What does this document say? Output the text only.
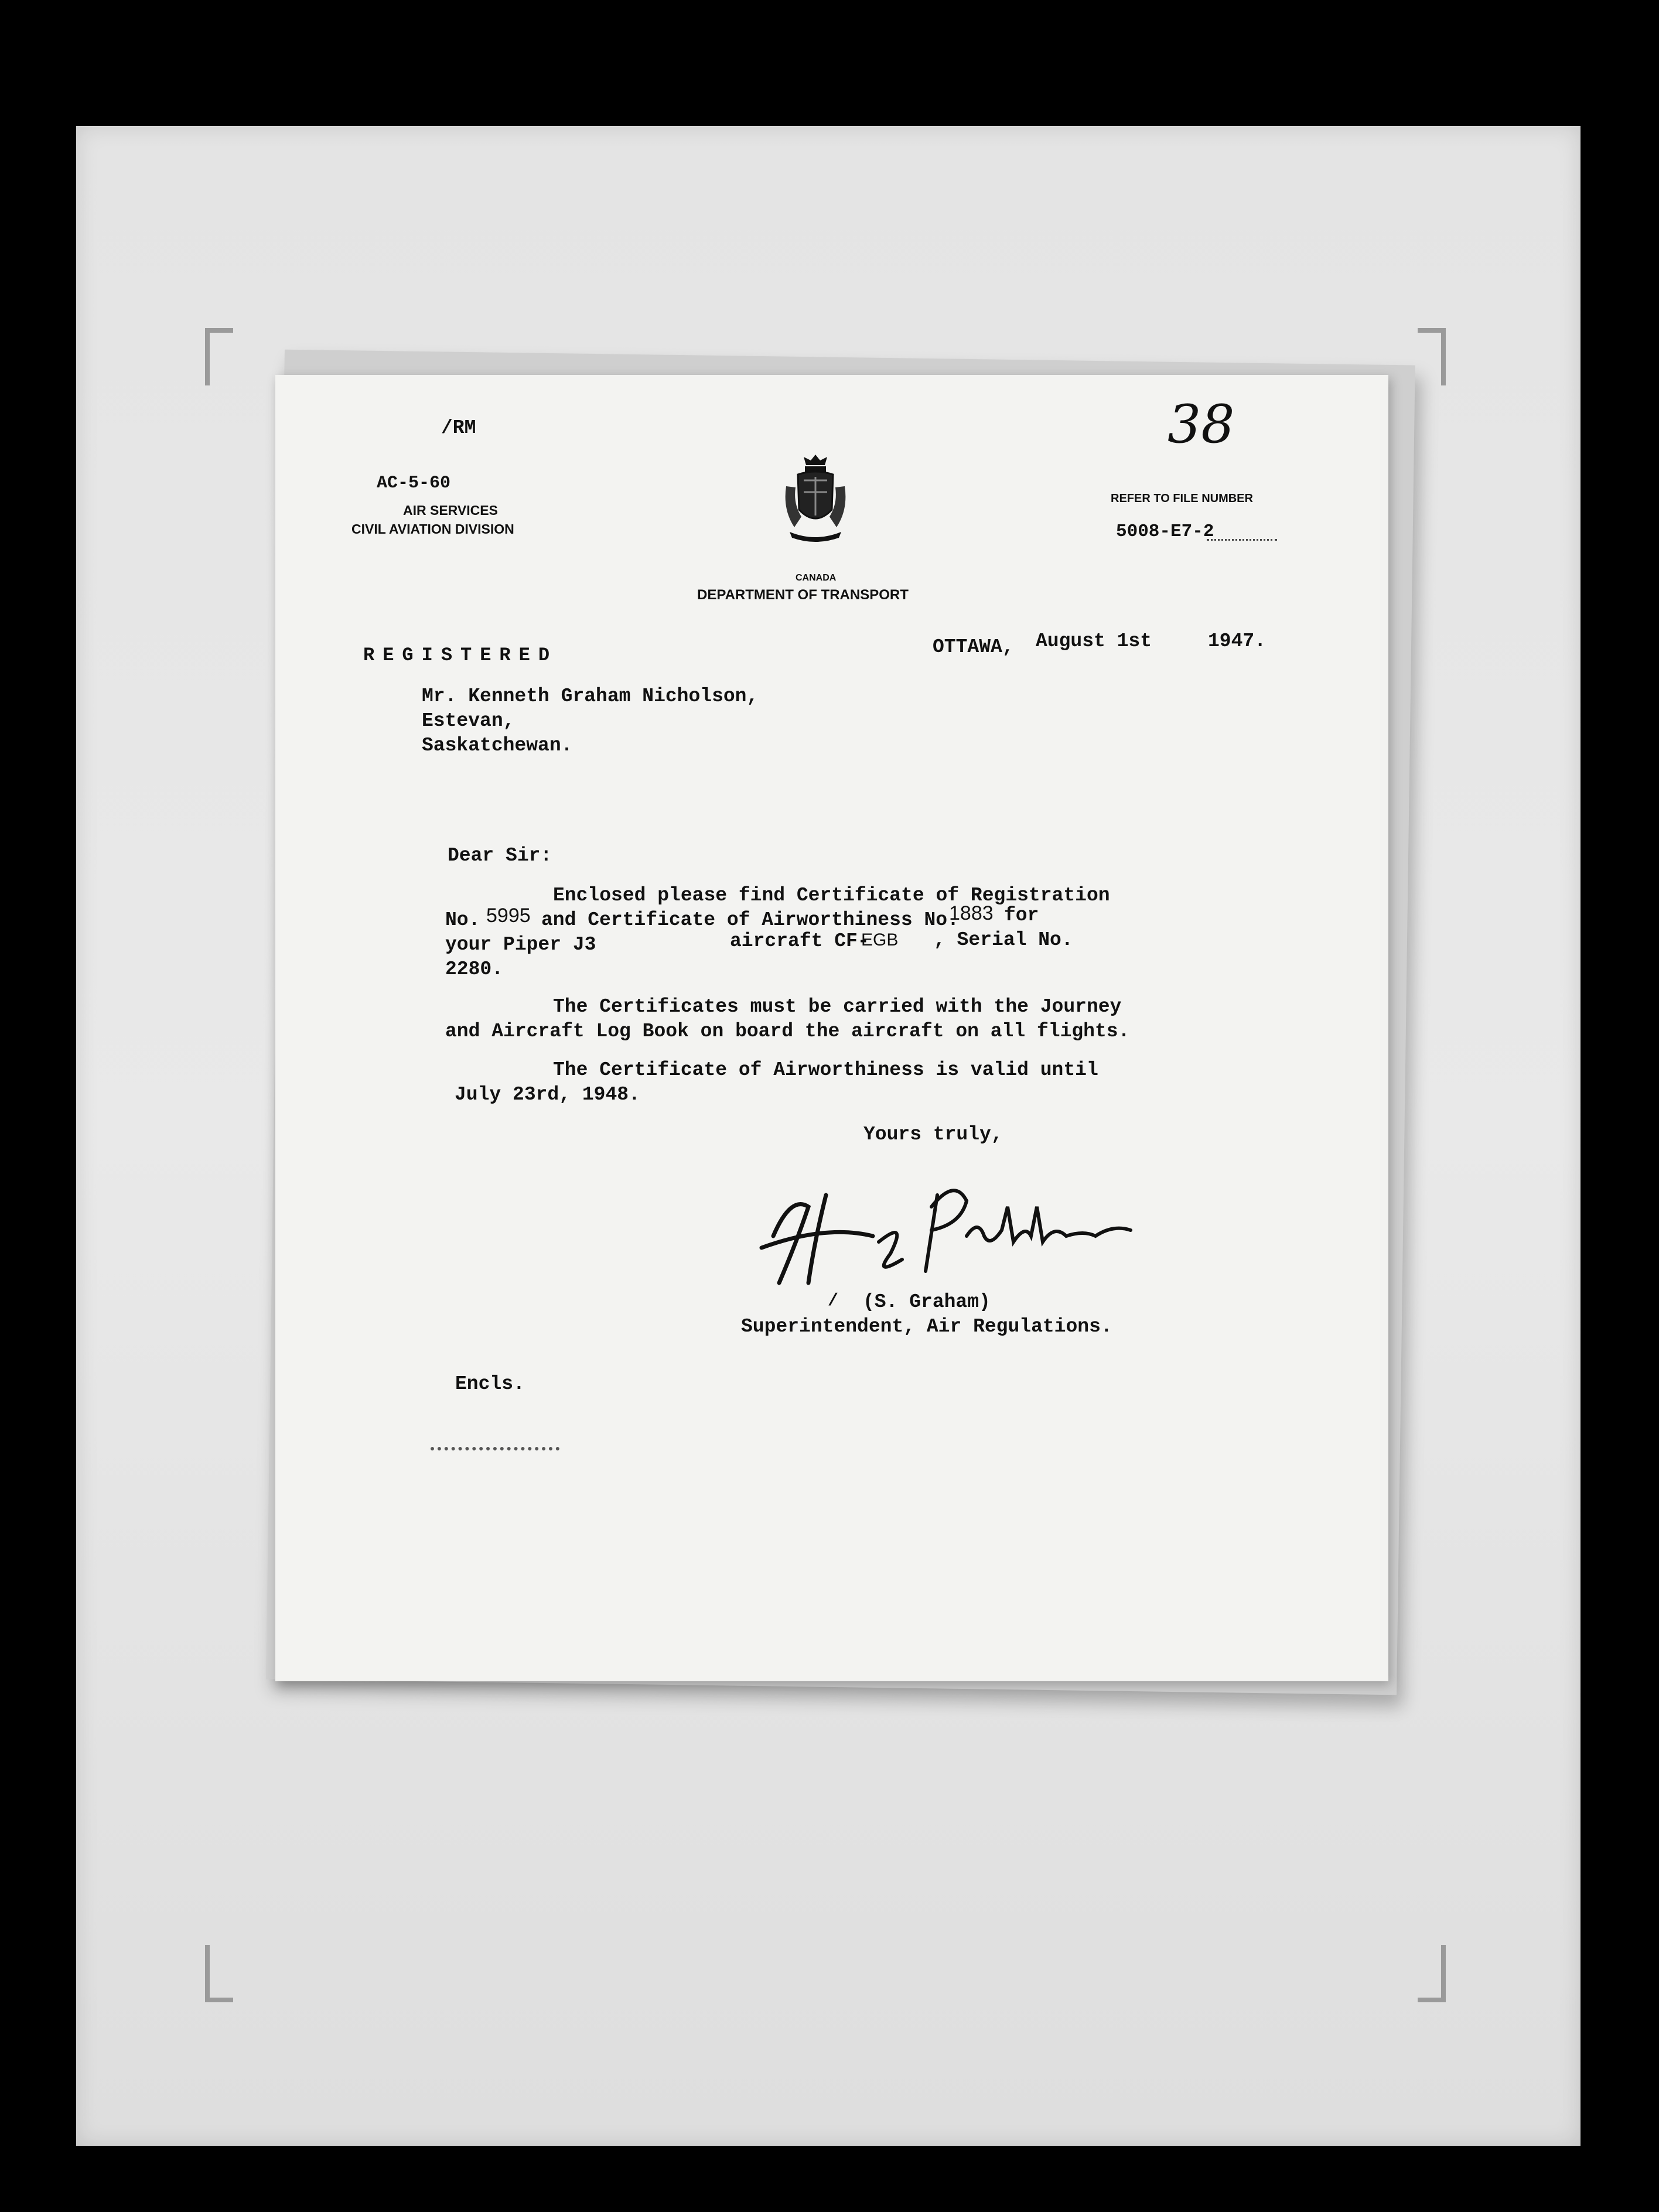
/RM
AC-5-60
AIR SERVICES
CIVIL AVIATION DIVISION
CANADA
DEPARTMENT OF TRANSPORT
38
REFER TO FILE NUMBER
5008-E7-2
REGISTERED	OTTAWA, August 1st	1947.
Mr. Kenneth Graham Nicholson,
Estevan,
Saskatchewan.
Dear Sir:
Enclosed please find Certificate of Registration
No. 5995 and Certificate of Airworthiness No.
1883 for
your Piper J3	aircraft CF-
EGB , Serial No.
2280.
The Certificates must be carried with the Journey
and Aircraft Log Book on board the aircraft on all flights.
The Certificate of Airworthiness is valid until
July 23rd, 1948.
Yours truly,
/ (S. Graham)
Superintendent, Air Regulations.
Encls.
